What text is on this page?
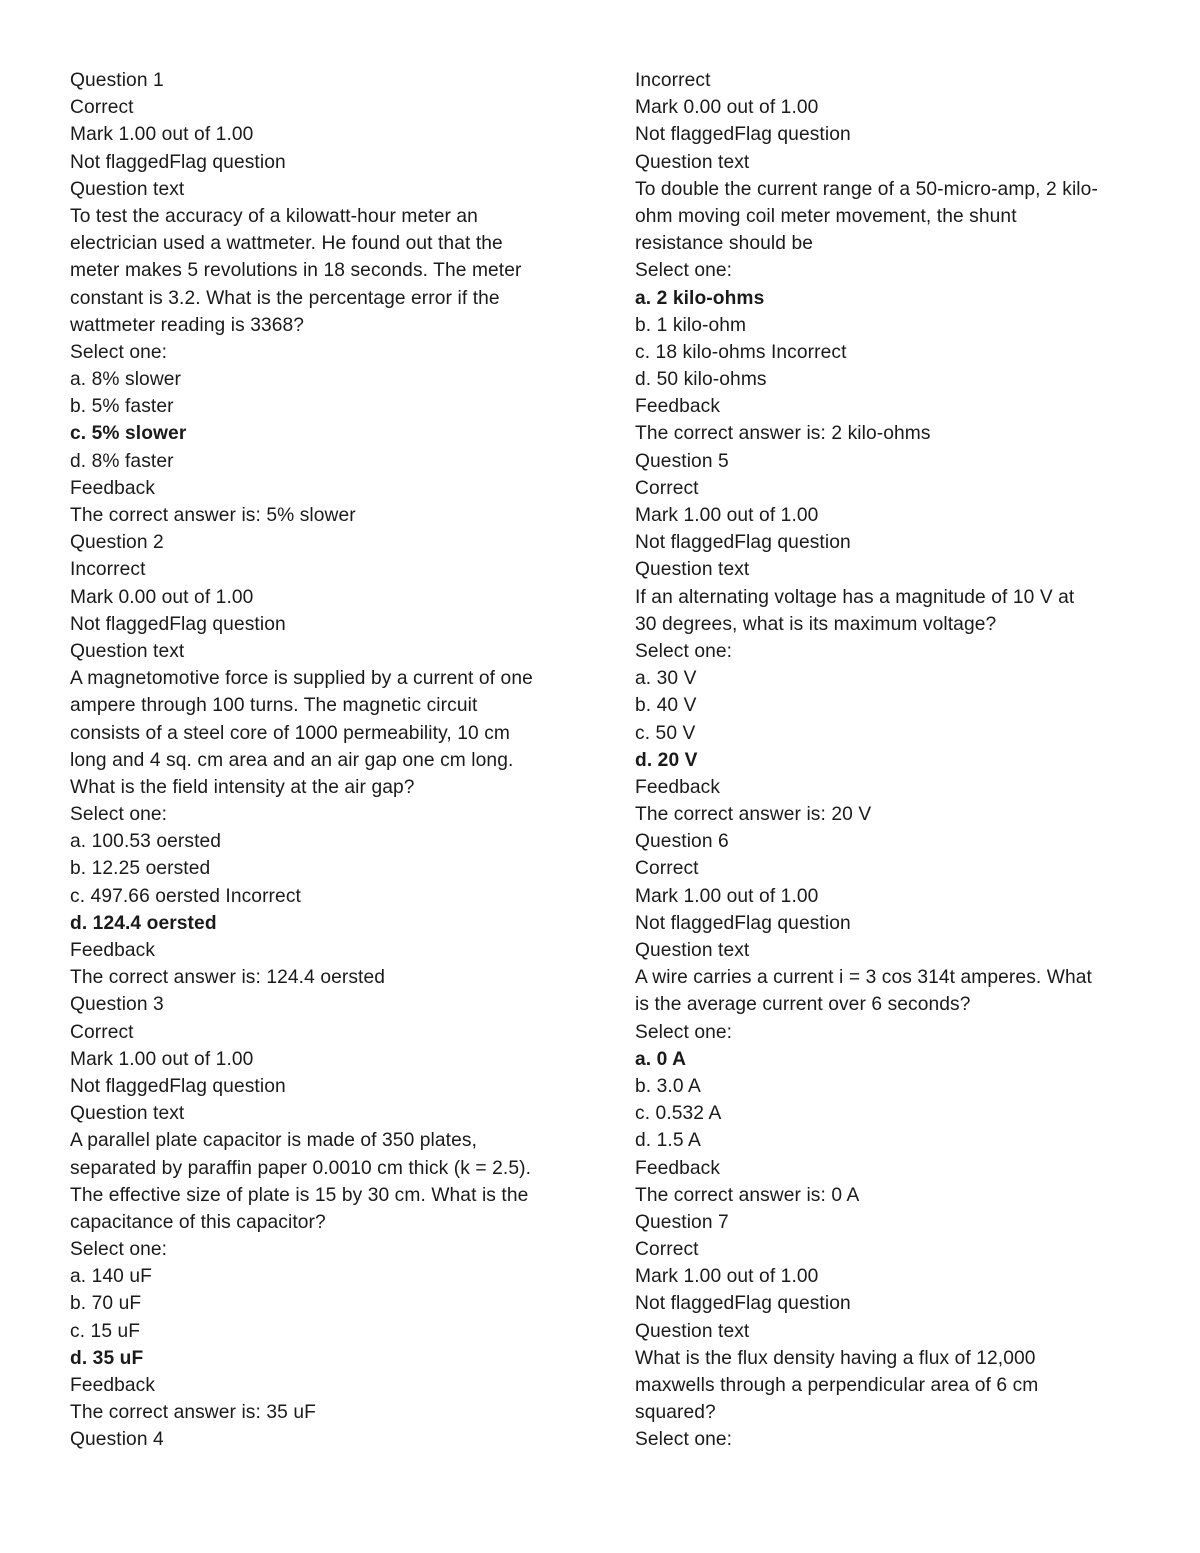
Question 1
Correct
Mark 1.00 out of 1.00
Not flaggedFlag question
Question text
To test the accuracy of a kilowatt-hour meter an
electrician used a wattmeter. He found out that the
meter makes 5 revolutions in 18 seconds. The meter
constant is 3.2. What is the percentage error if the
wattmeter reading is 3368?
Select one:
a. 8% slower
b. 5% faster
c. 5% slower
d. 8% faster
Feedback
The correct answer is: 5% slower
Question 2
Incorrect
Mark 0.00 out of 1.00
Not flaggedFlag question
Question text
A magnetomotive force is supplied by a current of one
ampere through 100 turns. The magnetic circuit
consists of a steel core of 1000 permeability, 10 cm
long and 4 sq. cm area and an air gap one cm long.
What is the field intensity at the air gap?
Select one:
a. 100.53 oersted
b. 12.25 oersted
c. 497.66 oersted Incorrect
d. 124.4 oersted
Feedback
The correct answer is: 124.4 oersted
Question 3
Correct
Mark 1.00 out of 1.00
Not flaggedFlag question
Question text
A parallel plate capacitor is made of 350 plates,
separated by paraffin paper 0.0010 cm thick (k = 2.5).
The effective size of plate is 15 by 30 cm. What is the
capacitance of this capacitor?
Select one:
a. 140 uF
b. 70 uF
c. 15 uF
d. 35 uF
Feedback
The correct answer is: 35 uF
Question 4
Incorrect
Mark 0.00 out of 1.00
Not flaggedFlag question
Question text
To double the current range of a 50-micro-amp, 2 kilo-
ohm moving coil meter movement, the shunt
resistance should be
Select one:
a. 2 kilo-ohms
b. 1 kilo-ohm
c. 18 kilo-ohms Incorrect
d. 50 kilo-ohms
Feedback
The correct answer is: 2 kilo-ohms
Question 5
Correct
Mark 1.00 out of 1.00
Not flaggedFlag question
Question text
If an alternating voltage has a magnitude of 10 V at
30 degrees, what is its maximum voltage?
Select one:
a. 30 V
b. 40 V
c. 50 V
d. 20 V
Feedback
The correct answer is: 20 V
Question 6
Correct
Mark 1.00 out of 1.00
Not flaggedFlag question
Question text
A wire carries a current i = 3 cos 314t amperes. What
is the average current over 6 seconds?
Select one:
a. 0 A
b. 3.0 A
c. 0.532 A
d. 1.5 A
Feedback
The correct answer is: 0 A
Question 7
Correct
Mark 1.00 out of 1.00
Not flaggedFlag question
Question text
What is the flux density having a flux of 12,000
maxwells through a perpendicular area of 6 cm
squared?
Select one:
